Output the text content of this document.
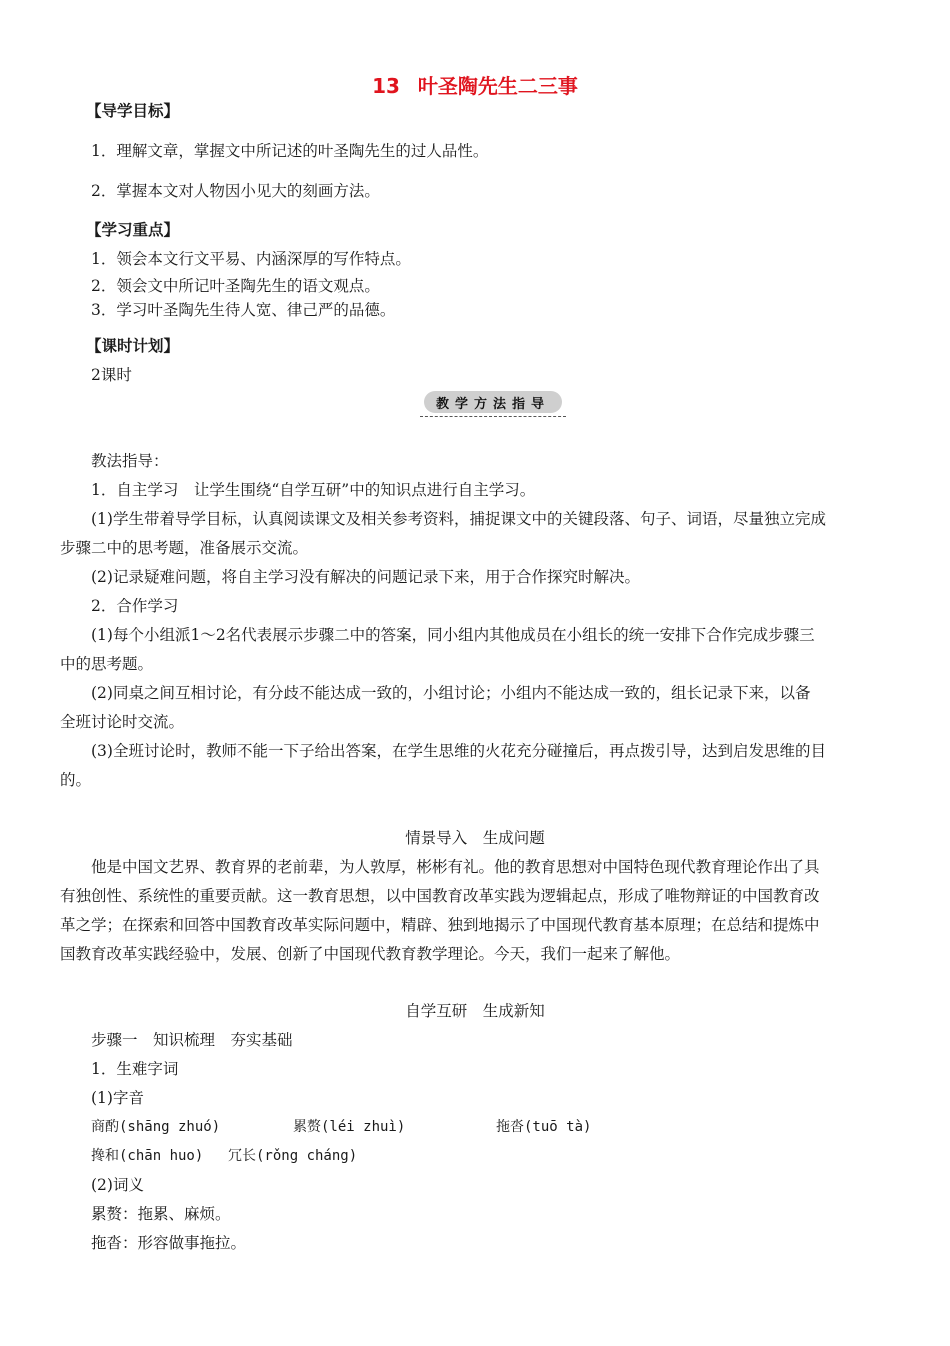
13 叶圣陶先生二三事
【导学目标】
1．理解文章，掌握文中所记述的叶圣陶先生的过人品性。
2．掌握本文对人物因小见大的刻画方法。
【学习重点】
1．领会本文行文平易、内涵深厚的写作特点。
2．领会文中所记叶圣陶先生的语文观点。
3．学习叶圣陶先生待人宽、律己严的品德。
【课时计划】
2课时
教学方法指导
教法指导：
1．自主学习　让学生围绕“自学互研”中的知识点进行自主学习。
(1)学生带着导学目标，认真阅读课文及相关参考资料，捕捉课文中的关键段落、句子、词语，尽量独立完成
步骤二中的思考题，准备展示交流。
(2)记录疑难问题，将自主学习没有解决的问题记录下来，用于合作探究时解决。
2．合作学习
(1)每个小组派1～2名代表展示步骤二中的答案，同小组内其他成员在小组长的统一安排下合作完成步骤三
中的思考题。
(2)同桌之间互相讨论，有分歧不能达成一致的，小组讨论；小组内不能达成一致的，组长记录下来，以备
全班讨论时交流。
(3)全班讨论时，教师不能一下子给出答案，在学生思维的火花充分碰撞后，再点拨引导，达到启发思维的目
的。
情景导入　生成问题
他是中国文艺界、教育界的老前辈，为人敦厚，彬彬有礼。他的教育思想对中国特色现代教育理论作出了具
有独创性、系统性的重要贡献。这一教育思想，以中国教育改革实践为逻辑起点，形成了唯物辩证的中国教育改
革之学；在探索和回答中国教育改革实际问题中，精辟、独到地揭示了中国现代教育基本原理；在总结和提炼中
国教育改革实践经验中，发展、创新了中国现代教育教学理论。今天，我们一起来了解他。
自学互研　生成新知
步骤一　知识梳理　夯实基础
1．生难字词
(1)字音
商酌(shāng zhuó)	累赘(léi zhuì)	拖沓(tuō tà)
搀和(chān huo) 冗长(rǒng cháng)
(2)词义
累赘：拖累、麻烦。
拖沓：形容做事拖拉。
